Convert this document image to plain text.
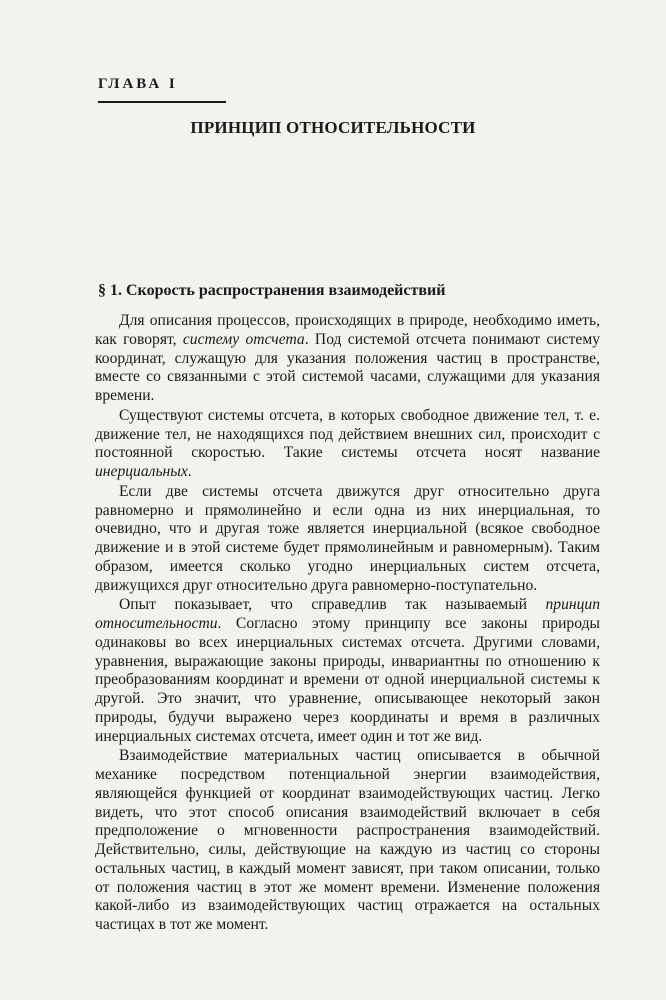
ГЛАВА I
ПРИНЦИП ОТНОСИТЕЛЬНОСТИ
§ 1. Скорость распространения взаимодействий

Для описания процессов, происходящих в природе, необходимо иметь, как говорят, систему отсчета. Под системой отсчета понимают систему координат, служащую для указания положения частиц в пространстве, вместе со связанными с этой системой часами, служащими для указания времени.

Существуют системы отсчета, в которых свободное движение тел, т. е. движение тел, не находящихся под действием внешних сил, происходит с постоянной скоростью. Такие системы отсчета носят название инерциальных.

Если две системы отсчета движутся друг относительно друга равномерно и прямолинейно и если одна из них инерциальная, то очевидно, что и другая тоже является инерциальной (всякое свободное движение и в этой системе будет прямолинейным и равномерным). Таким образом, имеется сколько угодно инерциальных систем отсчета, движущихся друг относительно друга равномерно-поступательно.

Опыт показывает, что справедлив так называемый принцип относительности. Согласно этому принципу все законы природы одинаковы во всех инерциальных системах отсчета. Другими словами, уравнения, выражающие законы природы, инвариантны по отношению к преобразованиям координат и времени от одной инерциальной системы к другой. Это значит, что уравнение, описывающее некоторый закон природы, будучи выражено через координаты и время в различных инерциальных системах отсчета, имеет один и тот же вид.

Взаимодействие материальных частиц описывается в обычной механике посредством потенциальной энергии взаимодействия, являющейся функцией от координат взаимодействующих частиц. Легко видеть, что этот способ описания взаимодействий включает в себя предположение о мгновенности распространения взаимодействий. Действительно, силы, действующие на каждую из частиц со стороны остальных частиц, в каждый момент зависят, при таком описании, только от положения частиц в этот же момент времени. Изменение положения какой-либо из взаимодействующих частиц отражается на остальных частицах в тот же момент.
